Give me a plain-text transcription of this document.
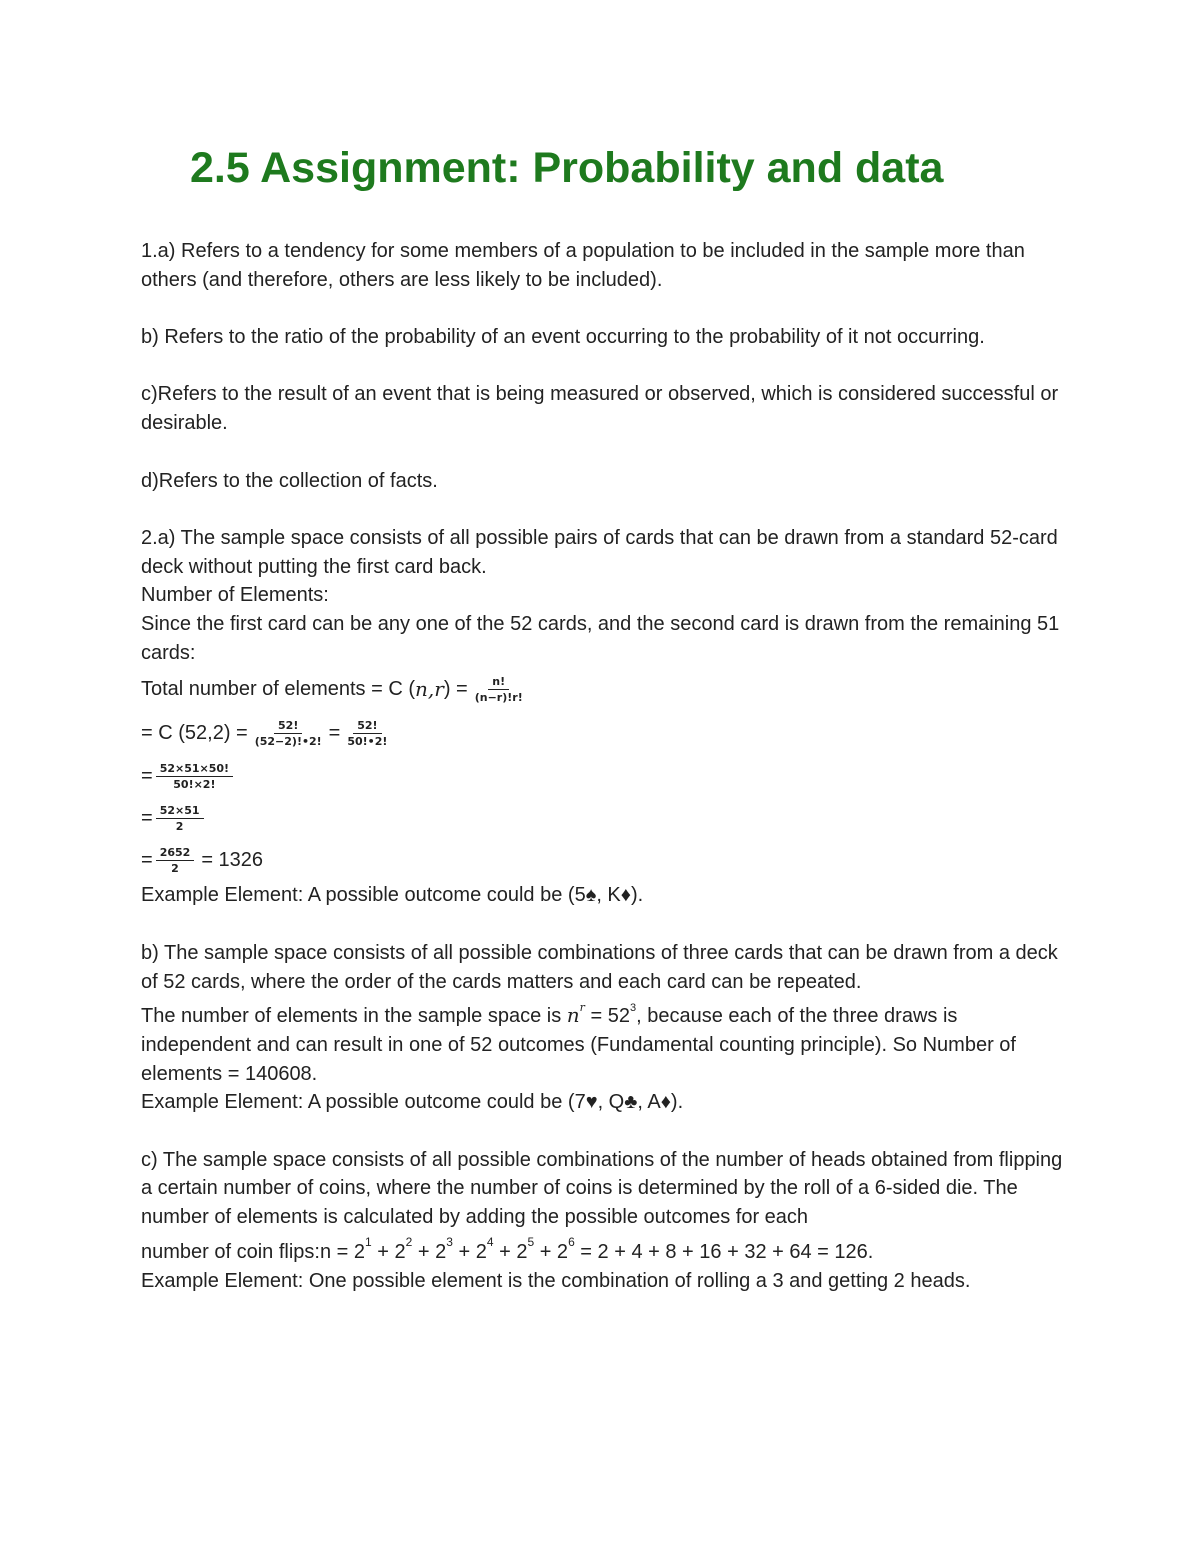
2.5 Assignment: Probability and data

1.a) Refers to a tendency for some members of a population to be included in the sample more than others (and therefore, others are less likely to be included).

b) Refers to the ratio of the probability of an event occurring to the probability of it not occurring.

c)Refers to the result of an event that is being measured or observed, which is considered successful or desirable.

d)Refers to the collection of facts.

2.a) The sample space consists of all possible pairs of cards that can be drawn from a standard 52-card deck without putting the first card back.

Number of Elements:

Since the first card can be any one of the 52 cards, and the second card is drawn from the remaining 51 cards:

Total number of elements = C ( n,r ) = $\frac{n!}{(n-r)!r!}$
= C $(52,2) = \frac{52!}{(52-2)!•2!} = \frac{52!}{50!•2!}$
= $\frac{52\times 51\times 50!}{50!\times 2!}$
= $\frac{52\times 51}{2}$
= $\frac{2652}{2} = 1326$

Example Element: A possible outcome could be (5♠, K♦).

b) The sample space consists of all possible combinations of three cards that can be drawn from a deck of 52 cards, where the order of the cards matters and each card can be repeated.

The number of elements in the sample space is $n^r = 52^3$, because each of the three draws is independent and can result in one of 52 outcomes (Fundamental counting principle). So Number of elements = 140608.

Example Element: A possible outcome could be (7♥, Q♣, A♦).

c) The sample space consists of all possible combinations of the number of heads obtained from flipping a certain number of coins, where the number of coins is determined by the roll of a 6-sided die. The number of elements is calculated by adding the possible outcomes for each

number of coin flips:n = $2^1 + 2^2 + 2^3 + 2^4 + 2^5 + 2^6 = 2 + 4 + 8 + 16 + 32 + 64 = 126$.

Example Element: One possible element is the combination of rolling a 3 and getting 2 heads.
